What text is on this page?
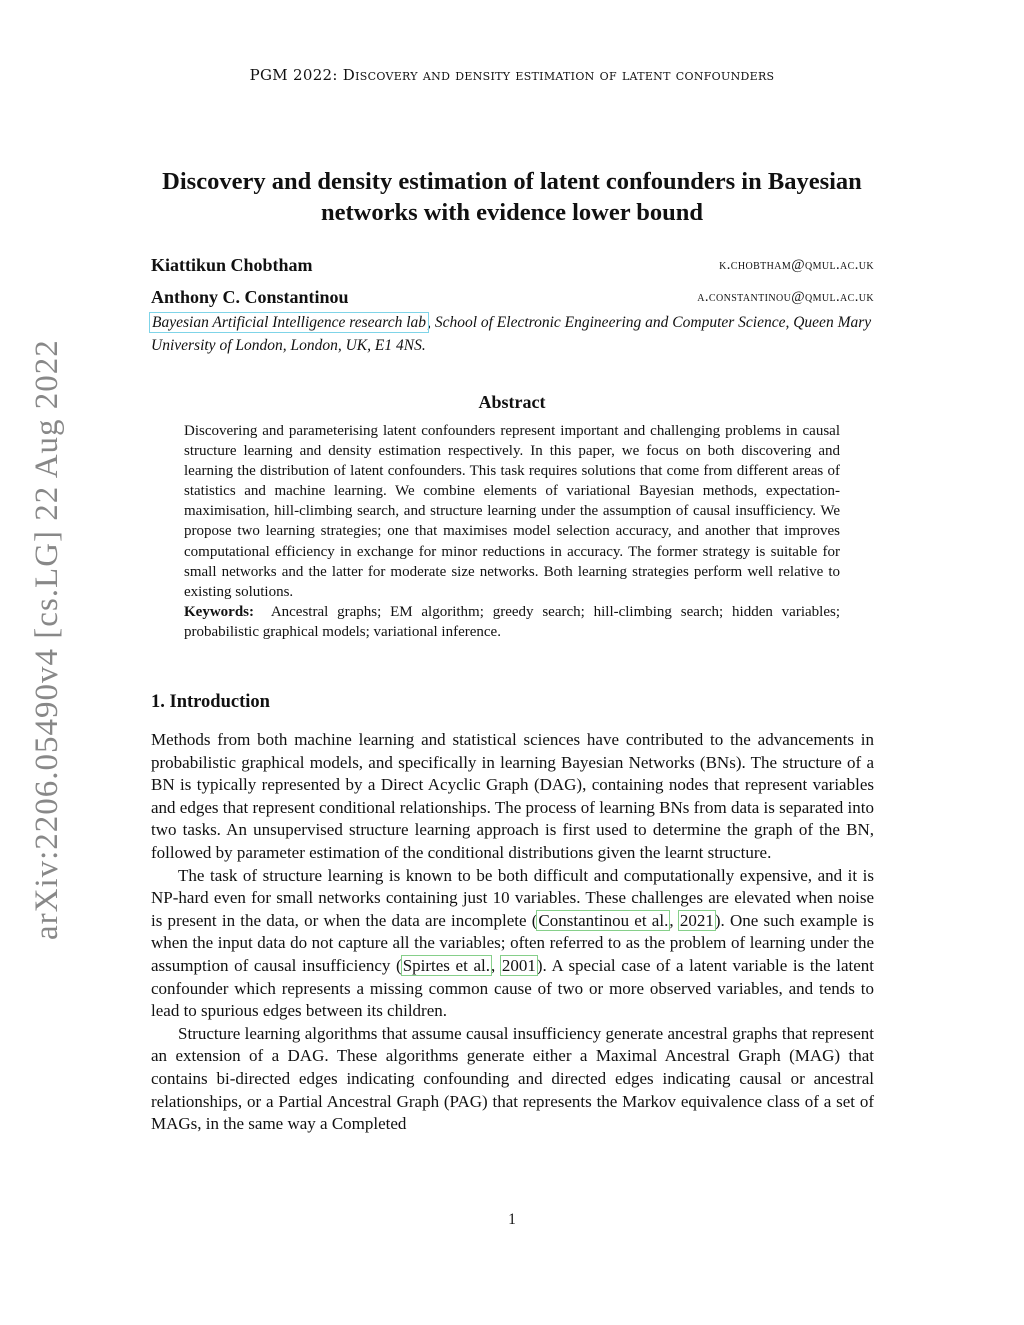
PGM 2022: Discovery and density estimation of latent confounders
arXiv:2206.05490v4 [cs.LG] 22 Aug 2022
Discovery and density estimation of latent confounders in Bayesian networks with evidence lower bound
Kiattikun Chobtham	k.chobtham@qmul.ac.uk
Anthony C. Constantinou	a.constantinou@qmul.ac.uk
Bayesian Artificial Intelligence research lab, School of Electronic Engineering and Computer Science, Queen Mary University of London, London, UK, E1 4NS.
Abstract

Discovering and parameterising latent confounders represent important and challenging problems in causal structure learning and density estimation respectively. In this paper, we focus on both discovering and learning the distribution of latent confounders. This task requires solutions that come from different areas of statistics and machine learning. We combine elements of variational Bayesian methods, expectation-maximisation, hill-climbing search, and structure learning under the assumption of causal insufficiency. We propose two learning strategies; one that maximises model selection accuracy, and another that improves computational efficiency in exchange for minor reductions in accuracy. The former strategy is suitable for small networks and the latter for moderate size networks. Both learning strategies perform well relative to existing solutions.

Keywords: Ancestral graphs; EM algorithm; greedy search; hill-climbing search; hidden variables; probabilistic graphical models; variational inference.

1. Introduction

Methods from both machine learning and statistical sciences have contributed to the advancements in probabilistic graphical models, and specifically in learning Bayesian Networks (BNs). The structure of a BN is typically represented by a Direct Acyclic Graph (DAG), containing nodes that represent variables and edges that represent conditional relationships. The process of learning BNs from data is separated into two tasks. An unsupervised structure learning approach is first used to determine the graph of the BN, followed by parameter estimation of the conditional distributions given the learnt structure.

The task of structure learning is known to be both difficult and computationally expensive, and it is NP-hard even for small networks containing just 10 variables. These challenges are elevated when noise is present in the data, or when the data are incomplete (Constantinou et al., 2021). One such example is when the input data do not capture all the variables; often referred to as the problem of learning under the assumption of causal insufficiency (Spirtes et al., 2001). A special case of a latent variable is the latent confounder which represents a missing common cause of two or more observed variables, and tends to lead to spurious edges between its children.

Structure learning algorithms that assume causal insufficiency generate ancestral graphs that represent an extension of a DAG. These algorithms generate either a Maximal Ancestral Graph (MAG) that contains bi-directed edges indicating confounding and directed edges indicating causal or ancestral relationships, or a Partial Ancestral Graph (PAG) that represents the Markov equivalence class of a set of MAGs, in the same way a Completed

1
